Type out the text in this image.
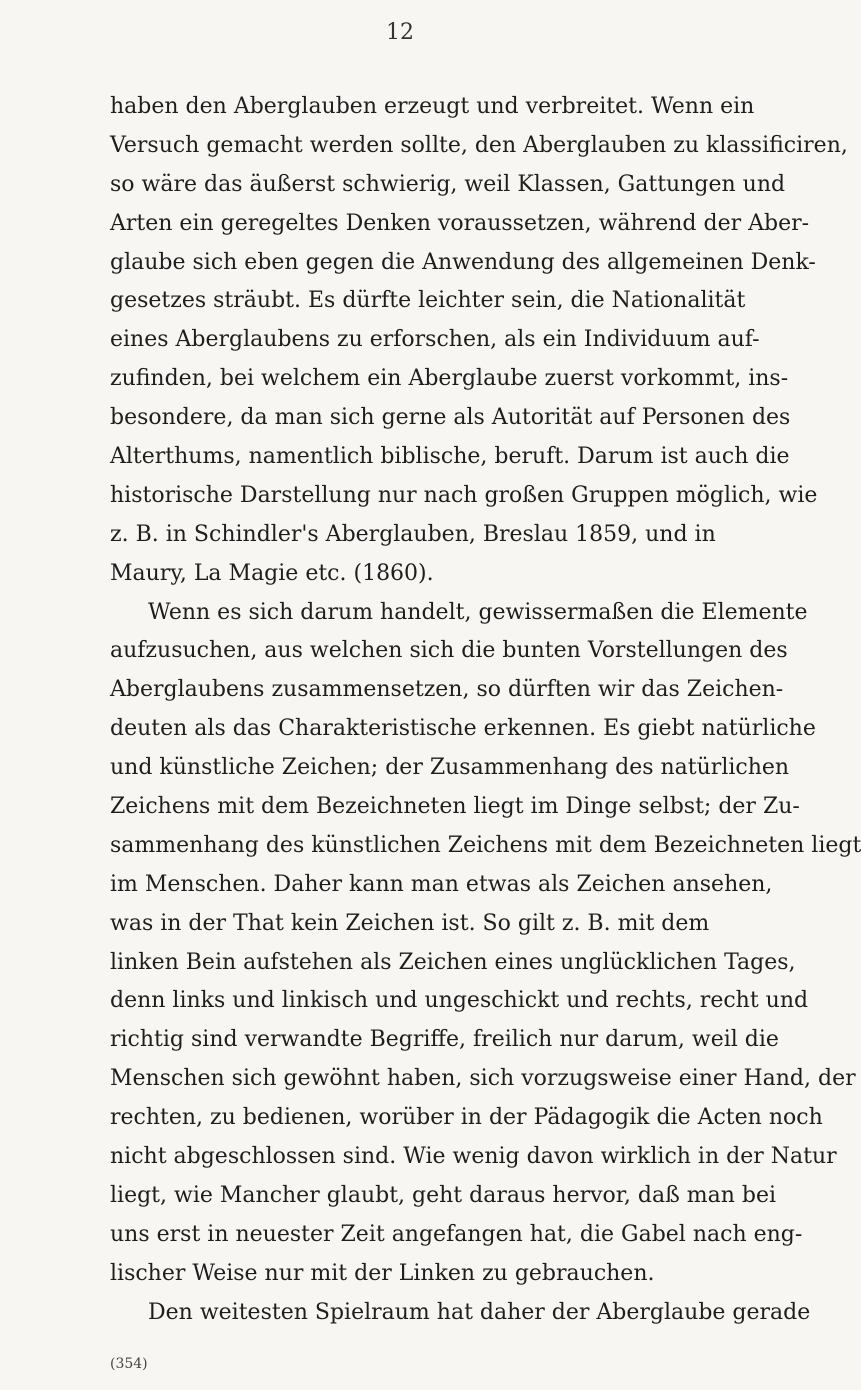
12
haben den Aberglauben erzeugt und verbreitet. Wenn ein
Versuch gemacht werden sollte, den Aberglauben zu klassificiren,
so wäre das äußerst schwierig, weil Klassen, Gattungen und
Arten ein geregeltes Denken voraussetzen, während der Aber-
glaube sich eben gegen die Anwendung des allgemeinen Denk-
gesetzes sträubt. Es dürfte leichter sein, die Nationalität
eines Aberglaubens zu erforschen, als ein Individuum auf-
zufinden, bei welchem ein Aberglaube zuerst vorkommt, ins-
besondere, da man sich gerne als Autorität auf Personen des
Alterthums, namentlich biblische, beruft. Darum ist auch die
historische Darstellung nur nach großen Gruppen möglich, wie
z. B. in Schindler's Aberglauben, Breslau 1859, und in
Maury, La Magie etc. (1860).
Wenn es sich darum handelt, gewissermaßen die Elemente
aufzusuchen, aus welchen sich die bunten Vorstellungen des
Aberglaubens zusammensetzen, so dürften wir das Zeichen-
deuten als das Charakteristische erkennen. Es giebt natürliche
und künstliche Zeichen; der Zusammenhang des natürlichen
Zeichens mit dem Bezeichneten liegt im Dinge selbst; der Zu-
sammenhang des künstlichen Zeichens mit dem Bezeichneten liegt
im Menschen. Daher kann man etwas als Zeichen ansehen,
was in der That kein Zeichen ist. So gilt z. B. mit dem
linken Bein aufstehen als Zeichen eines unglücklichen Tages,
denn links und linkisch und ungeschickt und rechts, recht und
richtig sind verwandte Begriffe, freilich nur darum, weil die
Menschen sich gewöhnt haben, sich vorzugsweise einer Hand, der
rechten, zu bedienen, worüber in der Pädagogik die Acten noch
nicht abgeschlossen sind. Wie wenig davon wirklich in der Natur
liegt, wie Mancher glaubt, geht daraus hervor, daß man bei
uns erst in neuester Zeit angefangen hat, die Gabel nach eng-
lischer Weise nur mit der Linken zu gebrauchen.
Den weitesten Spielraum hat daher der Aberglaube gerade
(354)
